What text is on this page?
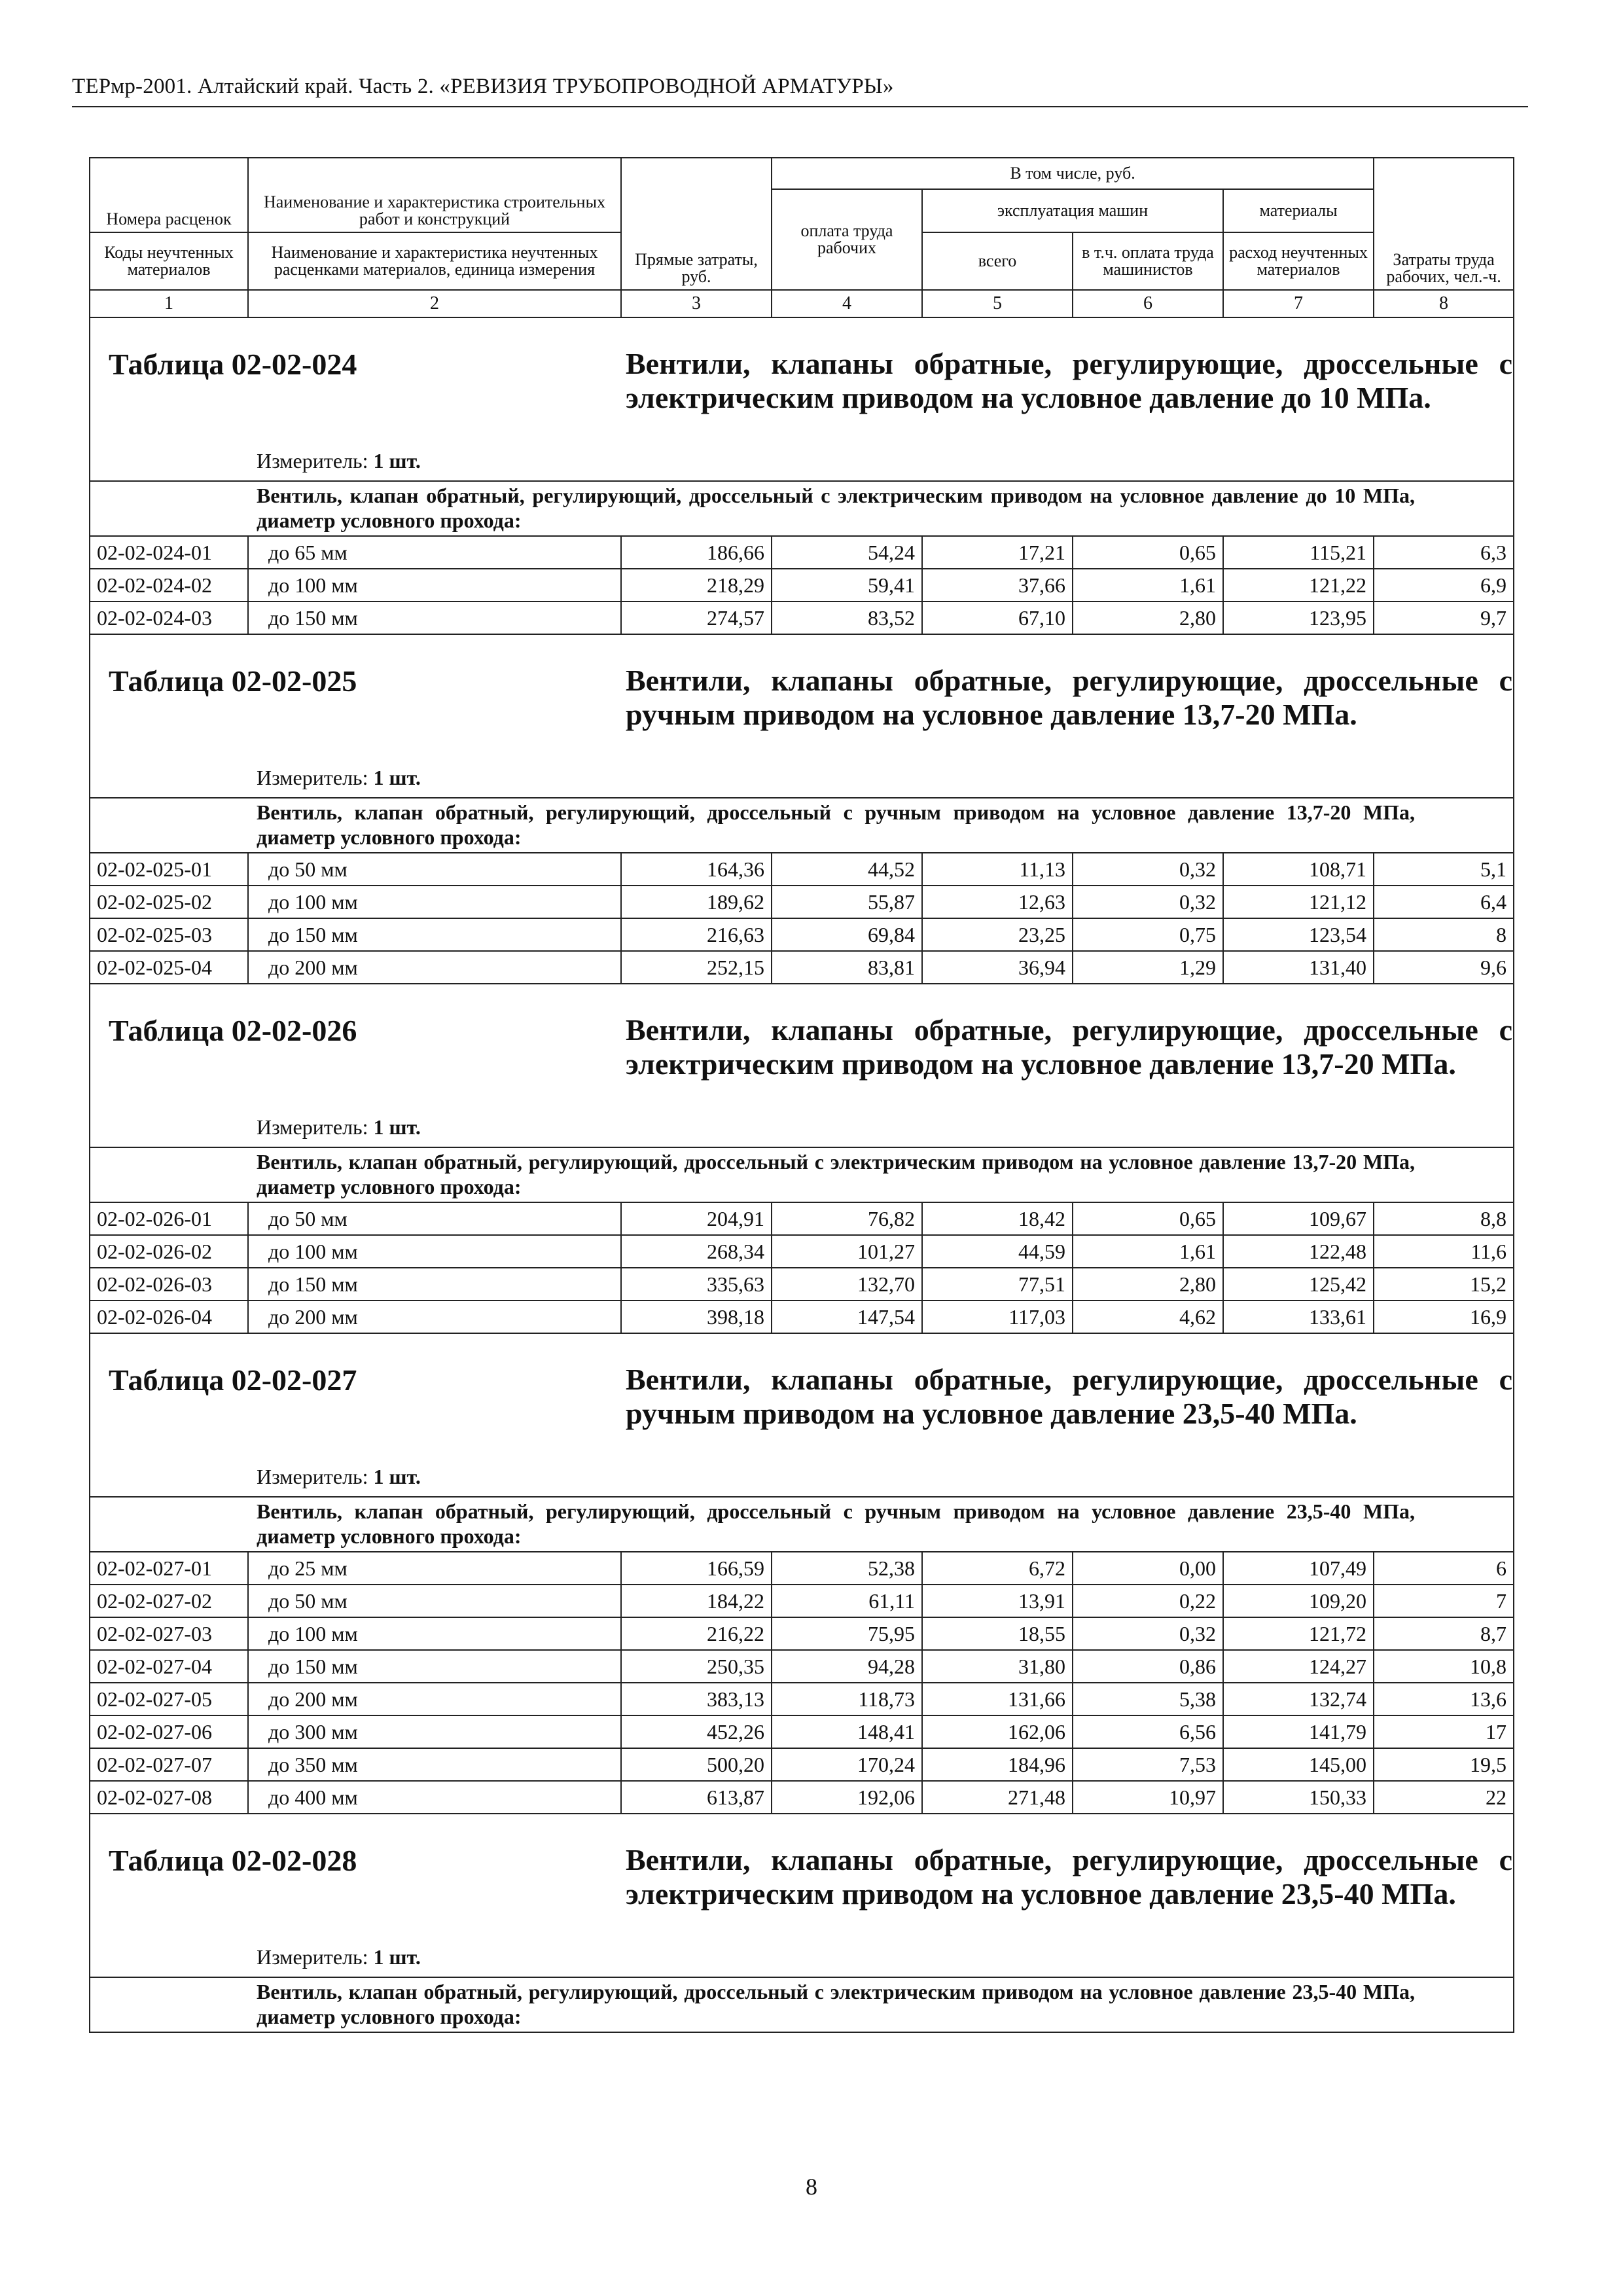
ТЕРмр-2001. Алтайский край. Часть 2. «РЕВИЗИЯ ТРУБОПРОВОДНОЙ АРМАТУРЫ»
Номера расценок	Наименование и характеристика строительных работ и конструкций	Прямые затраты, руб.	В том числе, руб.				Затраты труда рабочих, чел.-ч.
			оплата труда рабочих	эксплуатация машин		материалы	
Коды неучтенных материалов	Наименование и характеристика неучтенных расценками материалов, единица измерения			всего	в т.ч. оплата труда машинистов	расход неучтенных материалов	
1	2	3	4	5	6	7	8

Таблица 02-02-024 Вентили, клапаны обратные, регулирующие, дроссельные с электрическим приводом на условное давление до 10 МПа.
Измеритель: 1 шт.							

Вентиль, клапан обратный, регулирующий, дроссельный с электрическим приводом на условное давление до 10 МПа, диаметр условного прохода:							
02-02-024-01	до 65 мм	186,66	54,24	17,21	0,65	115,21	6,3
02-02-024-02	до 100 мм	218,29	59,41	37,66	1,61	121,22	6,9
02-02-024-03	до 150 мм	274,57	83,52	67,10	2,80	123,95	9,7

Таблица 02-02-025 Вентили, клапаны обратные, регулирующие, дроссельные с ручным приводом на условное давление 13,7-20 МПа.
Измеритель: 1 шт.							

Вентиль, клапан обратный, регулирующий, дроссельный с ручным приводом на условное давление 13,7-20 МПа, диаметр условного прохода:							
02-02-025-01	до 50 мм	164,36	44,52	11,13	0,32	108,71	5,1
02-02-025-02	до 100 мм	189,62	55,87	12,63	0,32	121,12	6,4
02-02-025-03	до 150 мм	216,63	69,84	23,25	0,75	123,54	8
02-02-025-04	до 200 мм	252,15	83,81	36,94	1,29	131,40	9,6

Таблица 02-02-026 Вентили, клапаны обратные, регулирующие, дроссельные с электрическим приводом на условное давление 13,7-20 МПа.
Измеритель: 1 шт.							

Вентиль, клапан обратный, регулирующий, дроссельный с электрическим приводом на условное давление 13,7-20 МПа, диаметр условного прохода:							
02-02-026-01	до 50 мм	204,91	76,82	18,42	0,65	109,67	8,8
02-02-026-02	до 100 мм	268,34	101,27	44,59	1,61	122,48	11,6
02-02-026-03	до 150 мм	335,63	132,70	77,51	2,80	125,42	15,2
02-02-026-04	до 200 мм	398,18	147,54	117,03	4,62	133,61	16,9

Таблица 02-02-027 Вентили, клапаны обратные, регулирующие, дроссельные с ручным приводом на условное давление 23,5-40 МПа.
Измеритель: 1 шт.							

Вентиль, клапан обратный, регулирующий, дроссельный с ручным приводом на условное давление 23,5-40 МПа, диаметр условного прохода:							
02-02-027-01	до 25 мм	166,59	52,38	6,72	0,00	107,49	6
02-02-027-02	до 50 мм	184,22	61,11	13,91	0,22	109,20	7
02-02-027-03	до 100 мм	216,22	75,95	18,55	0,32	121,72	8,7
02-02-027-04	до 150 мм	250,35	94,28	31,80	0,86	124,27	10,8
02-02-027-05	до 200 мм	383,13	118,73	131,66	5,38	132,74	13,6
02-02-027-06	до 300 мм	452,26	148,41	162,06	6,56	141,79	17
02-02-027-07	до 350 мм	500,20	170,24	184,96	7,53	145,00	19,5
02-02-027-08	до 400 мм	613,87	192,06	271,48	10,97	150,33	22

Таблица 02-02-028 Вентили, клапаны обратные, регулирующие, дроссельные с электрическим приводом на условное давление 23,5-40 МПа.
Измеритель: 1 шт.							

Вентиль, клапан обратный, регулирующий, дроссельный с электрическим приводом на условное давление 23,5-40 МПа, диаметр условного прохода:							
8
